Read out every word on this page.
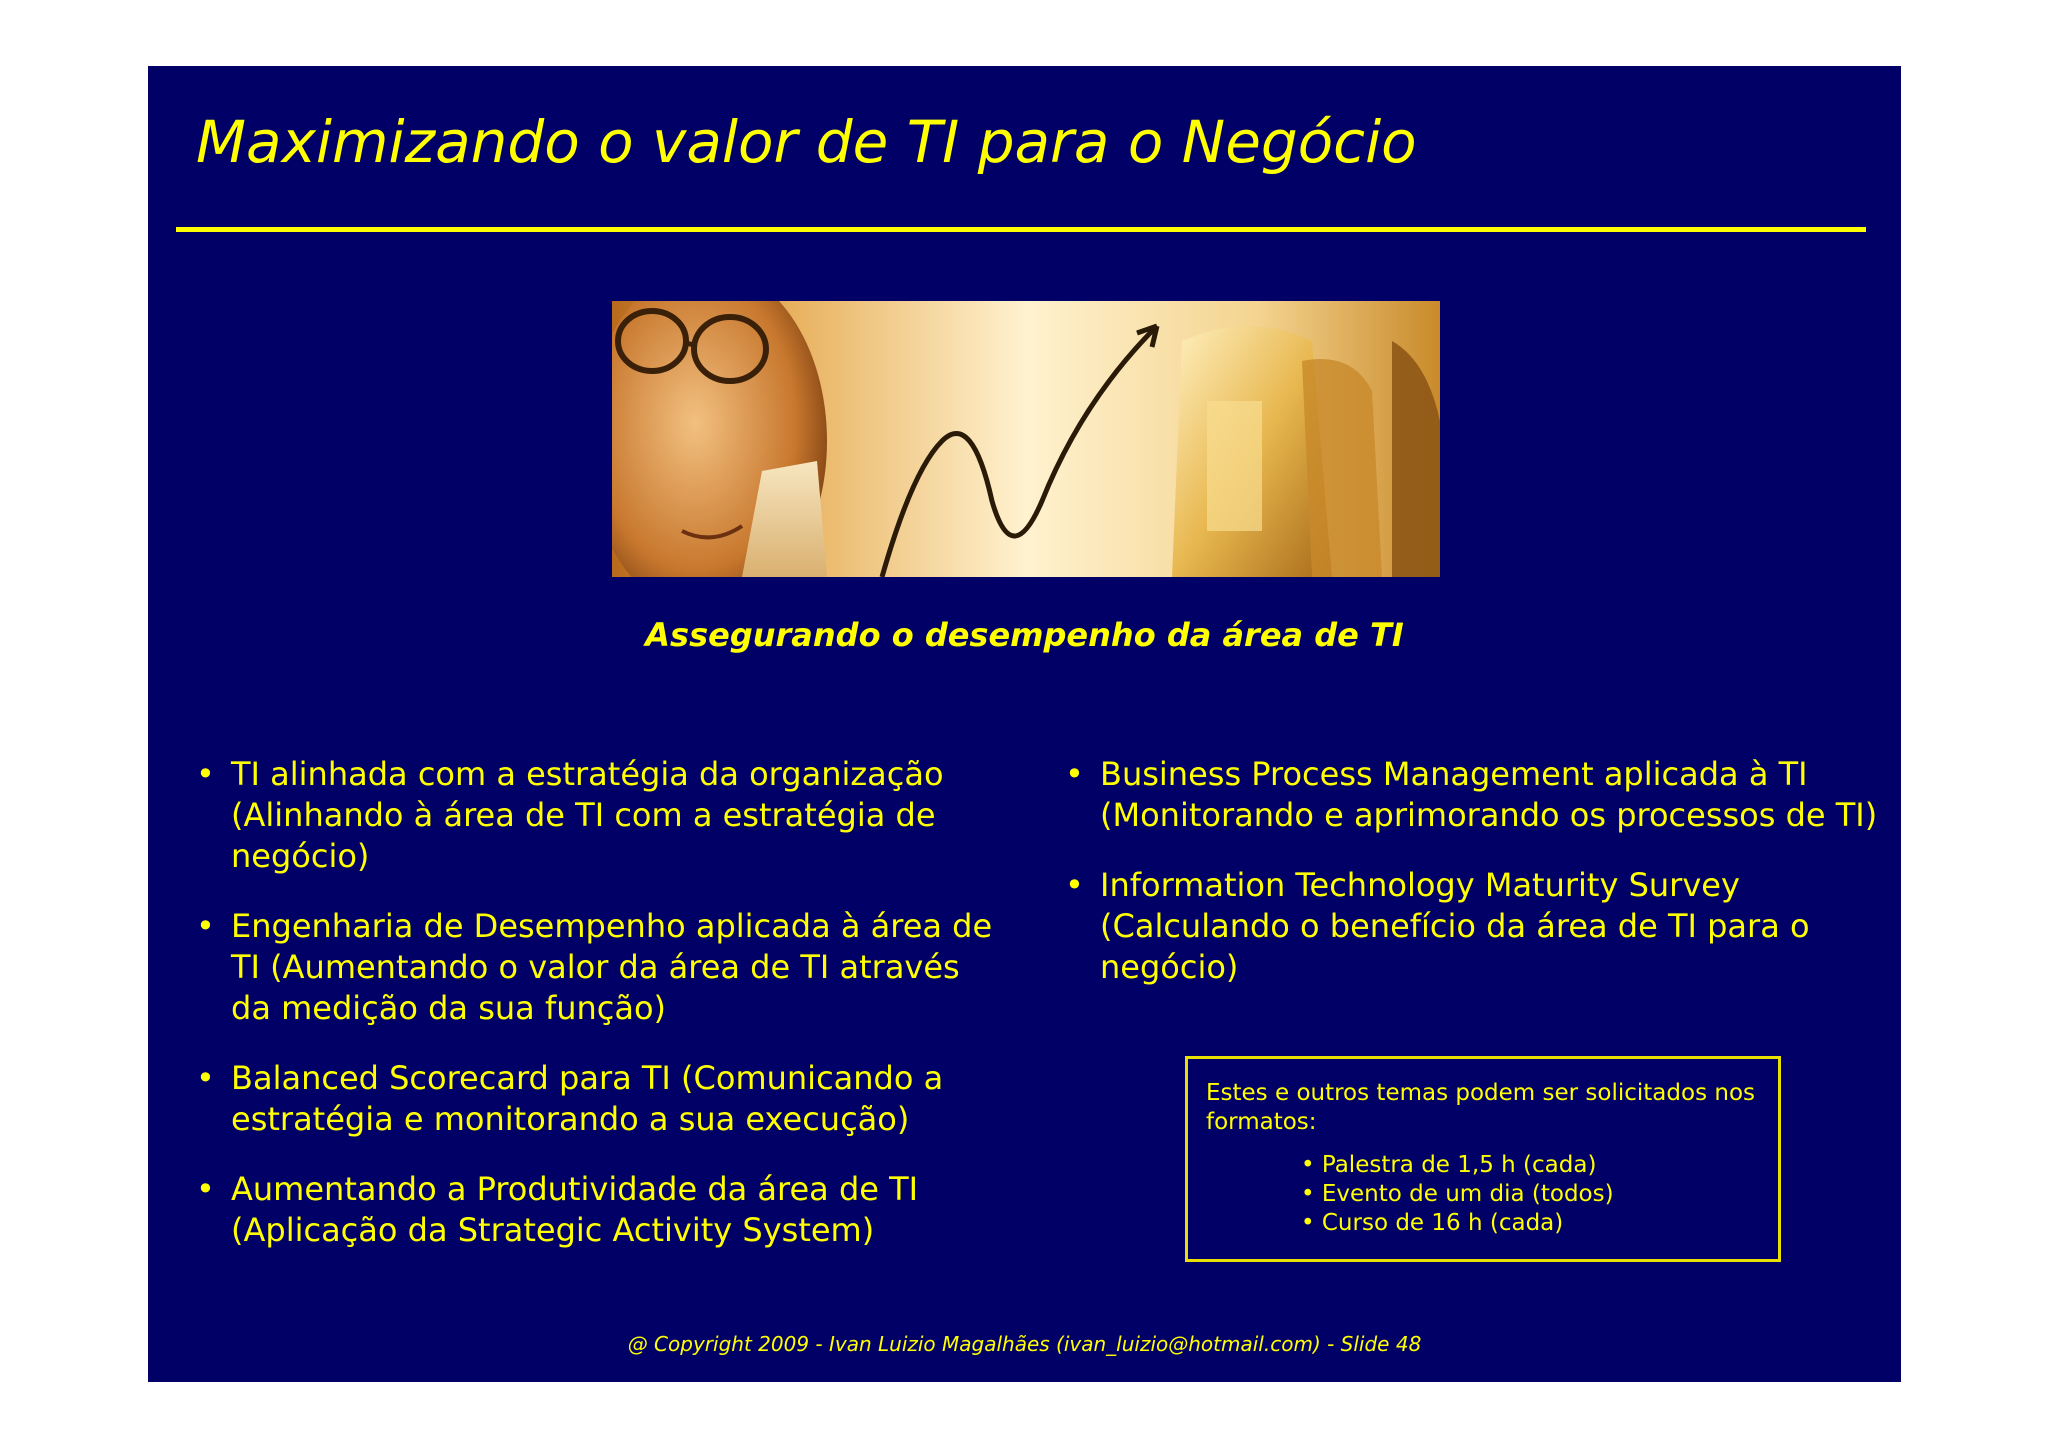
Maximizando o valor de TI para o Negócio

Assegurando o desempenho da área de TI

• TI alinhada com a estratégia da organização (Alinhando à área de TI com a estratégia de negócio)
• Engenharia de Desempenho aplicada à área de TI (Aumentando o valor da área de TI através da medição da sua função)
• Balanced Scorecard para TI (Comunicando a estratégia e monitorando a sua execução)
• Aumentando a Produtividade da área de TI (Aplicação da Strategic Activity System)
• Business Process Management aplicada à TI (Monitorando e aprimorando os processos de TI)
• Information Technology Maturity Survey (Calculando o benefício da área de TI para o negócio)
Estes e outros temas podem ser solicitados nos formatos:
• Palestra de 1,5 h (cada)
• Evento de um dia (todos)
• Curso de 16 h (cada)

@ Copyright 2009 - Ivan Luizio Magalhães (ivan_luizio@hotmail.com) - Slide 48
